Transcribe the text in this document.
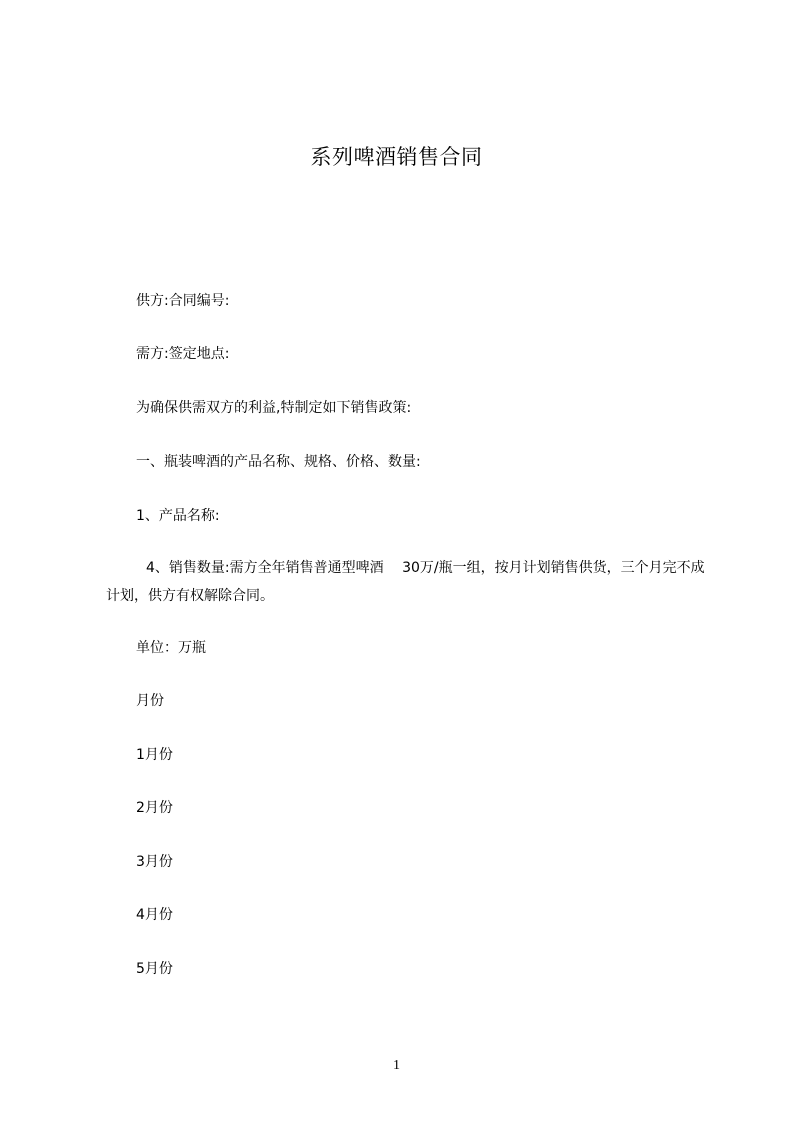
系列啤酒销售合同
供方:合同编号:
需方:签定地点:
为确保供需双方的利益,特制定如下销售政策:
一、瓶装啤酒的产品名称、规格、价格、数量:
1、产品名称:
4、销售数量:需方全年销售普通型啤酒　 30万/瓶一组，按月计划销售供货，三个月完不成计划，供方有权解除合同。
单位：万瓶
月份
1月份
2月份
3月份
4月份
5月份
1
